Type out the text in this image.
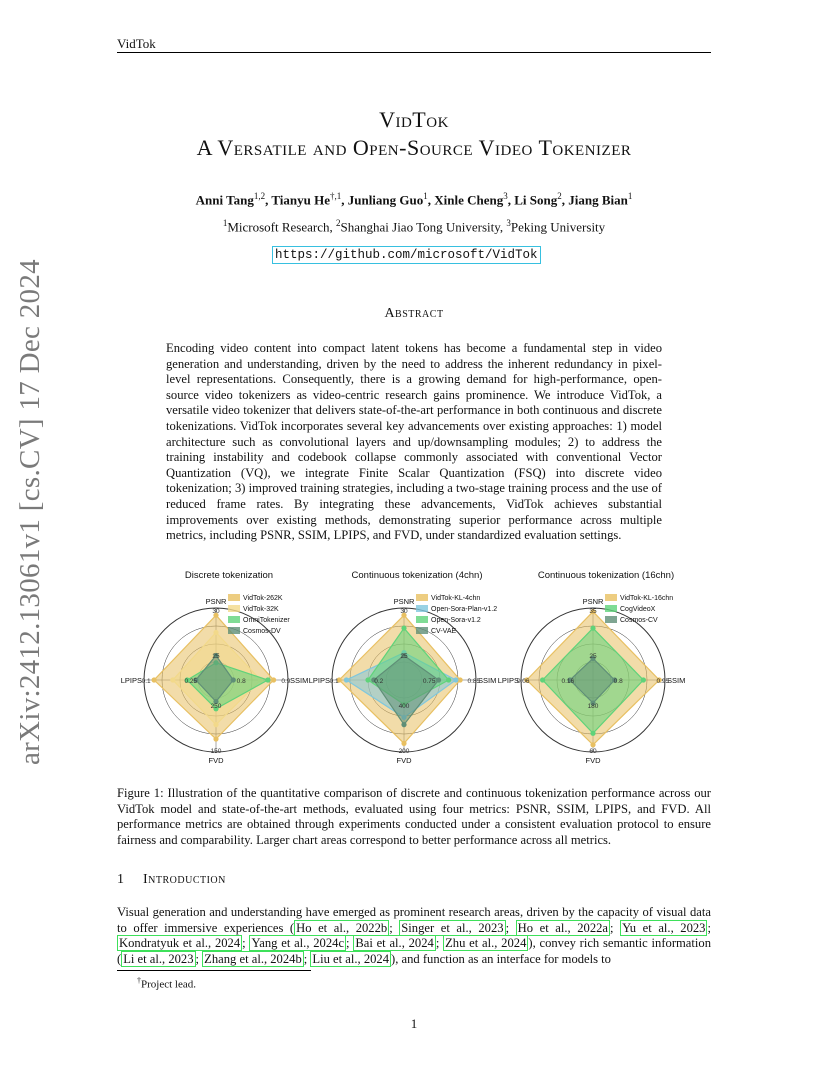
VidTok
arXiv:2412.13061v1 [cs.CV] 17 Dec 2024
VidTok
A Versatile and Open-Source Video Tokenizer
Anni Tang$^{1,2}$, Tianyu $He^{\dagger,1}$, Junliang Guo$^1$, Xinle Cheng$^3$, Li Song$^2$, Jiang Bian$^1$
$^1$Microsoft Research, $^2$Shanghai Jiao Tong University, $^3$Peking University
https://github.com/microsoft/VidTok
Abstract

Encoding video content into compact latent tokens has become a fundamental step in video generation and understanding, driven by the need to address the inherent redundancy in pixel-level representations. Consequently, there is a growing demand for high-performance, open-source video tokenizers as video-centric research gains prominence. We introduce VidTok, a versatile video tokenizer that delivers state-of-the-art performance in both continuous and discrete tokenizations. VidTok incorporates several key advancements over existing approaches: 1) model architecture such as convolutional layers and up/downsampling modules; 2) to address the training instability and codebook collapse commonly associated with conventional Vector Quantization (VQ), we integrate Finite Scalar Quantization (FSQ) into discrete video tokenization; 3) improved training strategies, including a two-stage training process and the use of reduced frame rates. By integrating these advancements, VidTok achieves substantial improvements over existing methods, demonstrating superior performance across multiple metrics, including PSNR, SSIM, LPIPS, and FVD, under standardized evaluation settings.

Discrete tokenization
PSNR
25
30
SSIM
0.8	0.9
FVD
250
150
LPIPS	0.25
0.1
VidTok-262K
VidTok-32K
OmniTokenizer
Cosmos-DV
Continuous tokenization (4chn)
PSNR
25
30
SSIM
0.75	0.85
FVD
400
200
LPIPS	0.2
0.1
VidTok-KL-4chn
Open-Sora-Plan-v1.2
Open-Sora-v1.2
CV-VAE
Continuous tokenization (16chn)
PSNR
25
35
SSIM
0.8	0.95
FVD
180
60
LPIPS	0.16
0.06
VidTok-KL-16chn
CogVideoX
Cosmos-CV

Figure 1: Illustration of the quantitative comparison of discrete and continuous tokenization performance across our VidTok model and state-of-the-art methods, evaluated using four metrics: PSNR, SSIM, LPIPS, and FVD. All performance metrics are obtained through experiments conducted under a consistent evaluation protocol to ensure fairness and comparability. Larger chart areas correspond to better performance across all metrics.

1 Introduction

Visual generation and understanding have emerged as prominent research areas, driven by the capacity of visual data to offer immersive experiences ( Ho et al., 2022b ; Singer et al., 2023 ; Ho et al., 2022a ; Yu et al., 2023 ; Kondratyuk et al., 2024 ; Yang et al., 2024c ; Bai et al., 2024 ; Zhu et al., 2024 ), convey rich semantic information ( Li et al., 2023 ; Zhang et al., 2024b ; Liu et al., 2024 ), and function as an interface for models to

†Project lead.
1
